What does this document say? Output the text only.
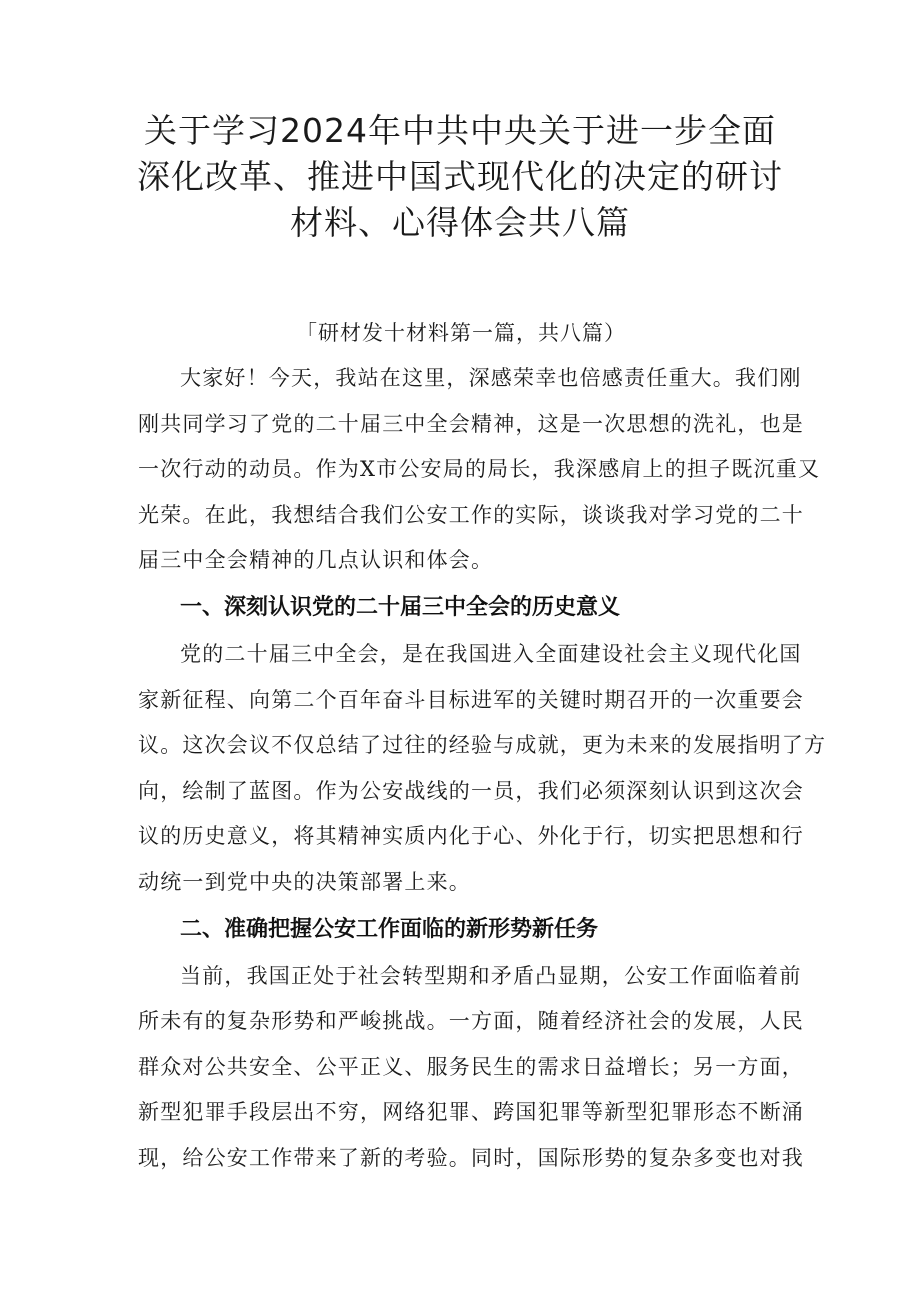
关于学习2024年中共中央关于进一步全面
深化改革、推进中国式现代化的决定的研讨
材料、心得体会共八篇

「研材发十材料第一篇，共八篇）

大家好！今天，我站在这里，深感荣幸也倍感责任重大。我们刚
刚共同学习了党的二十届三中全会精神，这是一次思想的洗礼，也是
一次行动的动员。作为X市公安局的局长，我深感肩上的担子既沉重又
光荣。在此，我想结合我们公安工作的实际，谈谈我对学习党的二十
届三中全会精神的几点认识和体会。

一、深刻认识党的二十届三中全会的历史意义

党的二十届三中全会，是在我国进入全面建设社会主义现代化国
家新征程、向第二个百年奋斗目标进军的关键时期召开的一次重要会
议。这次会议不仅总结了过往的经验与成就，更为未来的发展指明了方
向，绘制了蓝图。作为公安战线的一员，我们必须深刻认识到这次会
议的历史意义，将其精神实质内化于心、外化于行，切实把思想和行
动统一到党中央的决策部署上来。

二、准确把握公安工作面临的新形势新任务

当前，我国正处于社会转型期和矛盾凸显期，公安工作面临着前
所未有的复杂形势和严峻挑战。一方面，随着经济社会的发展，人民
群众对公共安全、公平正义、服务民生的需求日益增长；另一方面，
新型犯罪手段层出不穷，网络犯罪、跨国犯罪等新型犯罪形态不断涌
现，给公安工作带来了新的考验。同时，国际形势的复杂多变也对我
